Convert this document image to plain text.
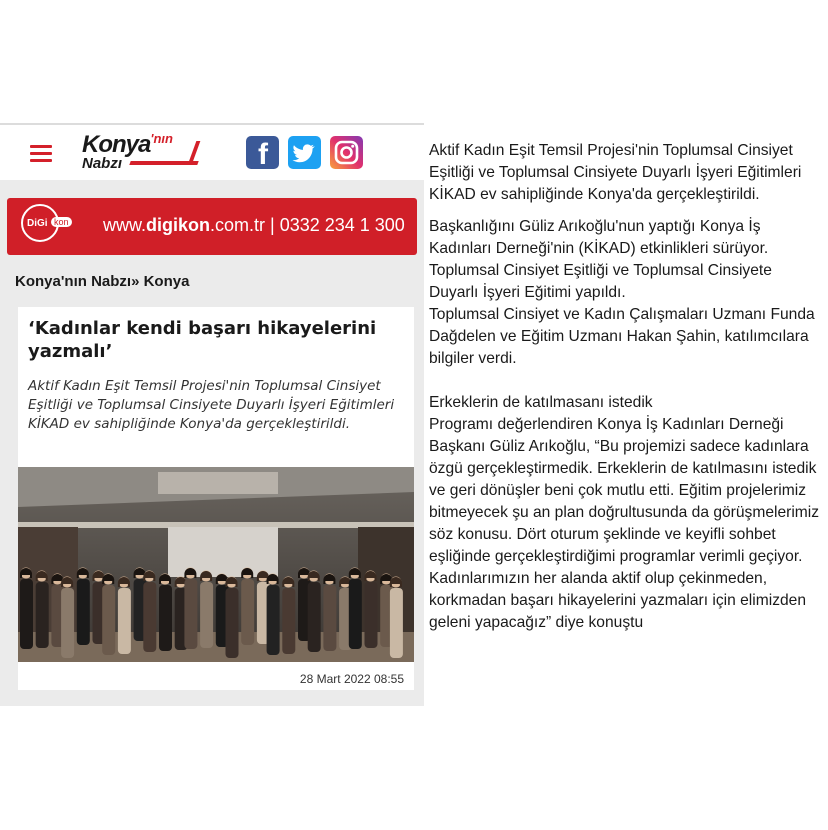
Konya$^{'nın}$
Nabzı	f
DiGi kon www.digikon.com.tr | 0332 234 1 300
Konya'nın Nabzı» Konya
‘Kadınlar kendi başarı hikayelerini yazmalı’
Aktif Kadın Eşit Temsil Projesi'nin Toplumsal Cinsiyet Eşitliği ve Toplumsal Cinsiyete Duyarlı İşyeri Eğitimleri KİKAD ev sahipliğinde Konya'da gerçekleştirildi.
28 Mart 2022 08:55

Aktif Kadın Eşit Temsil Projesi'nin Toplumsal Cinsiyet Eşitliği ve Toplumsal Cinsiyete Duyarlı İşyeri Eğitimleri KİKAD ev sahipliğinde Konya'da gerçekleştirildi.

Başkanlığını Güliz Arıkoğlu'nun yaptığı Konya İş Kadınları Derneği'nin (KİKAD) etkinlikleri sürüyor. Toplumsal Cinsiyet Eşitliği ve Toplumsal Cinsiyete Duyarlı İşyeri Eğitimi yapıldı.

Toplumsal Cinsiyet ve Kadın Çalışmaları Uzmanı Funda Dağdelen ve Eğitim Uzmanı Hakan Şahin, katılımcılara bilgiler verdi.

Erkeklerin de katılmasanı istedik

Programı değerlendiren Konya İş Kadınları Derneği Başkanı Güliz Arıkoğlu, “Bu projemizi sadece kadınlara özgü gerçekleştirmedik. Erkeklerin de katılmasını istedik ve geri dönüşler beni çok mutlu etti. Eğitim projelerimiz bitmeyecek şu an plan doğrultusunda da görüşmelerimiz söz konusu. Dört oturum şeklinde ve keyifli sohbet eşliğinde gerçekleştirdiğimi programlar verimli geçiyor. Kadınlarımızın her alanda aktif olup çekinmeden, korkmadan başarı hikayelerini yazmaları için elimizden geleni yapacağız” diye konuştu
